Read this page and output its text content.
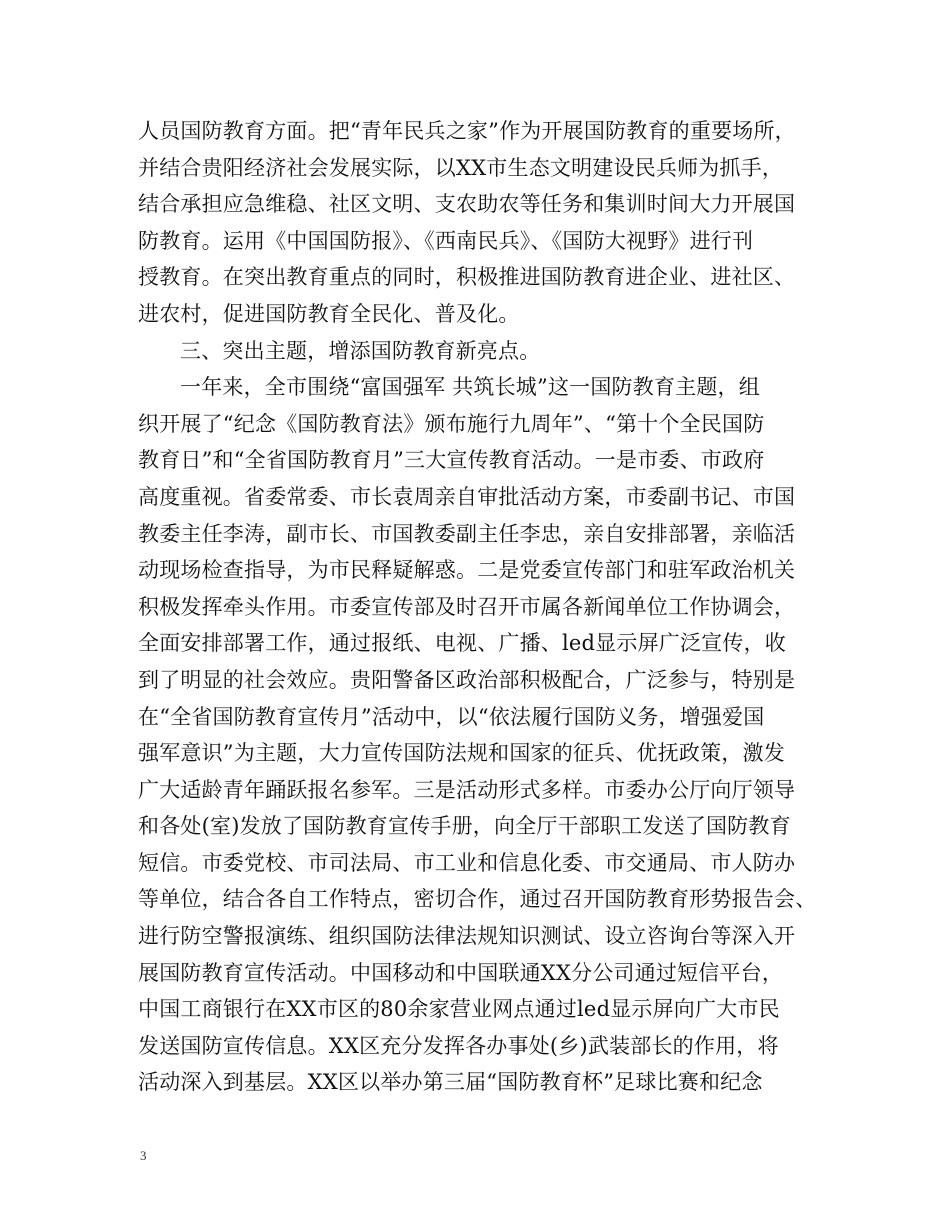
人员国防教育方面。把“青年民兵之家”作为开展国防教育的重要场所，
并结合贵阳经济社会发展实际，以XX市生态文明建设民兵师为抓手，
结合承担应急维稳、社区文明、支农助农等任务和集训时间大力开展国
防教育。运用《中国国防报》、《西南民兵》、《国防大视野》进行刊
授教育。在突出教育重点的同时，积极推进国防教育进企业、进社区、
进农村，促进国防教育全民化、普及化。
三、突出主题，增添国防教育新亮点。
一年来，全市围绕“富国强军 共筑长城”这一国防教育主题，组
织开展了“纪念《国防教育法》颁布施行九周年”、“第十个全民国防
教育日”和“全省国防教育月”三大宣传教育活动。一是市委、市政府
高度重视。省委常委、市长袁周亲自审批活动方案，市委副书记、市国
教委主任李涛，副市长、市国教委副主任李忠，亲自安排部署，亲临活
动现场检查指导，为市民释疑解惑。二是党委宣传部门和驻军政治机关
积极发挥牵头作用。市委宣传部及时召开市属各新闻单位工作协调会，
全面安排部署工作，通过报纸、电视、广播、led显示屏广泛宣传，收
到了明显的社会效应。贵阳警备区政治部积极配合，广泛参与，特别是
在“全省国防教育宣传月”活动中，以“依法履行国防义务，增强爱国
强军意识”为主题，大力宣传国防法规和国家的征兵、优抚政策，激发
广大适龄青年踊跃报名参军。三是活动形式多样。市委办公厅向厅领导
和各处(室)发放了国防教育宣传手册，向全厅干部职工发送了国防教育
短信。市委党校、市司法局、市工业和信息化委、市交通局、市人防办
等单位，结合各自工作特点，密切合作，通过召开国防教育形势报告会、
进行防空警报演练、组织国防法律法规知识测试、设立咨询台等深入开
展国防教育宣传活动。中国移动和中国联通XX分公司通过短信平台，
中国工商银行在XX市区的80余家营业网点通过led显示屏向广大市民
发送国防宣传信息。XX区充分发挥各办事处(乡)武装部长的作用，将
活动深入到基层。XX区以举办第三届“国防教育杯”足球比赛和纪念
3
